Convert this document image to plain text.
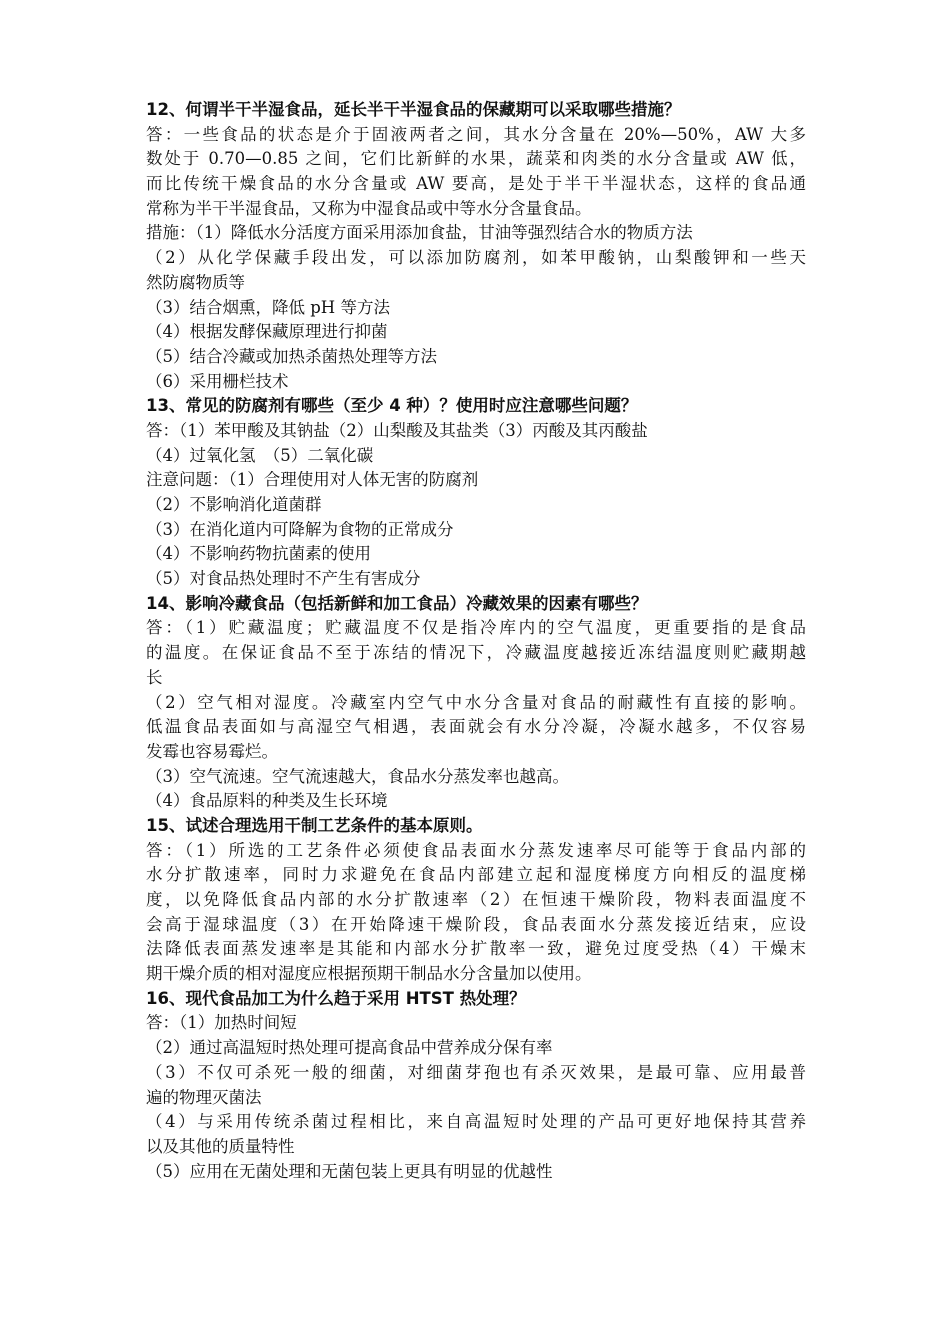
12、何谓半干半湿食品，延长半干半湿食品的保藏期可以采取哪些措施？
答：一些食品的状态是介于固液两者之间，其水分含量在 20%—50%，AW 大多
数处于 0.70—0.85 之间，它们比新鲜的水果，蔬菜和肉类的水分含量或 AW 低，
而比传统干燥食品的水分含量或 AW 要高，是处于半干半湿状态，这样的食品通
常称为半干半湿食品，又称为中湿食品或中等水分含量食品。
措施：（1）降低水分活度方面采用添加食盐，甘油等强烈结合水的物质方法
（2）从化学保藏手段出发，可以添加防腐剂，如苯甲酸钠，山梨酸钾和一些天
然防腐物质等
（3）结合烟熏，降低 pH 等方法
（4）根据发酵保藏原理进行抑菌
（5）结合冷藏或加热杀菌热处理等方法
（6）采用栅栏技术
13、常见的防腐剂有哪些（至少 4 种）？使用时应注意哪些问题？
答：（1）苯甲酸及其钠盐（2）山梨酸及其盐类（3）丙酸及其丙酸盐
（4）过氧化氢　（5）二氧化碳
注意问题：（1）合理使用对人体无害的防腐剂
（2）不影响消化道菌群
（3）在消化道内可降解为食物的正常成分
（4）不影响药物抗菌素的使用
（5）对食品热处理时不产生有害成分
14、影响冷藏食品（包括新鲜和加工食品）冷藏效果的因素有哪些？
答：（1）贮藏温度；贮藏温度不仅是指冷库内的空气温度，更重要指的是食品
的温度。在保证食品不至于冻结的情况下，冷藏温度越接近冻结温度则贮藏期越
长
（2）空气相对湿度。冷藏室内空气中水分含量对食品的耐藏性有直接的影响。
低温食品表面如与高湿空气相遇，表面就会有水分冷凝，冷凝水越多，不仅容易
发霉也容易霉烂。
（3）空气流速。空气流速越大，食品水分蒸发率也越高。
（4）食品原料的种类及生长环境
15、试述合理选用干制工艺条件的基本原则。
答：（1）所选的工艺条件必须使食品表面水分蒸发速率尽可能等于食品内部的
水分扩散速率，同时力求避免在食品内部建立起和湿度梯度方向相反的温度梯
度，以免降低食品内部的水分扩散速率（2）在恒速干燥阶段，物料表面温度不
会高于湿球温度（3）在开始降速干燥阶段，食品表面水分蒸发接近结束，应设
法降低表面蒸发速率是其能和内部水分扩散率一致，避免过度受热（4）干燥末
期干燥介质的相对湿度应根据预期干制品水分含量加以使用。
16、现代食品加工为什么趋于采用 HTST 热处理？
答：（1）加热时间短
（2）通过高温短时热处理可提高食品中营养成分保有率
（3）不仅可杀死一般的细菌，对细菌芽孢也有杀灭效果，是最可靠、应用最普
遍的物理灭菌法
（4）与采用传统杀菌过程相比，来自高温短时处理的产品可更好地保持其营养
以及其他的质量特性
（5）应用在无菌处理和无菌包装上更具有明显的优越性
